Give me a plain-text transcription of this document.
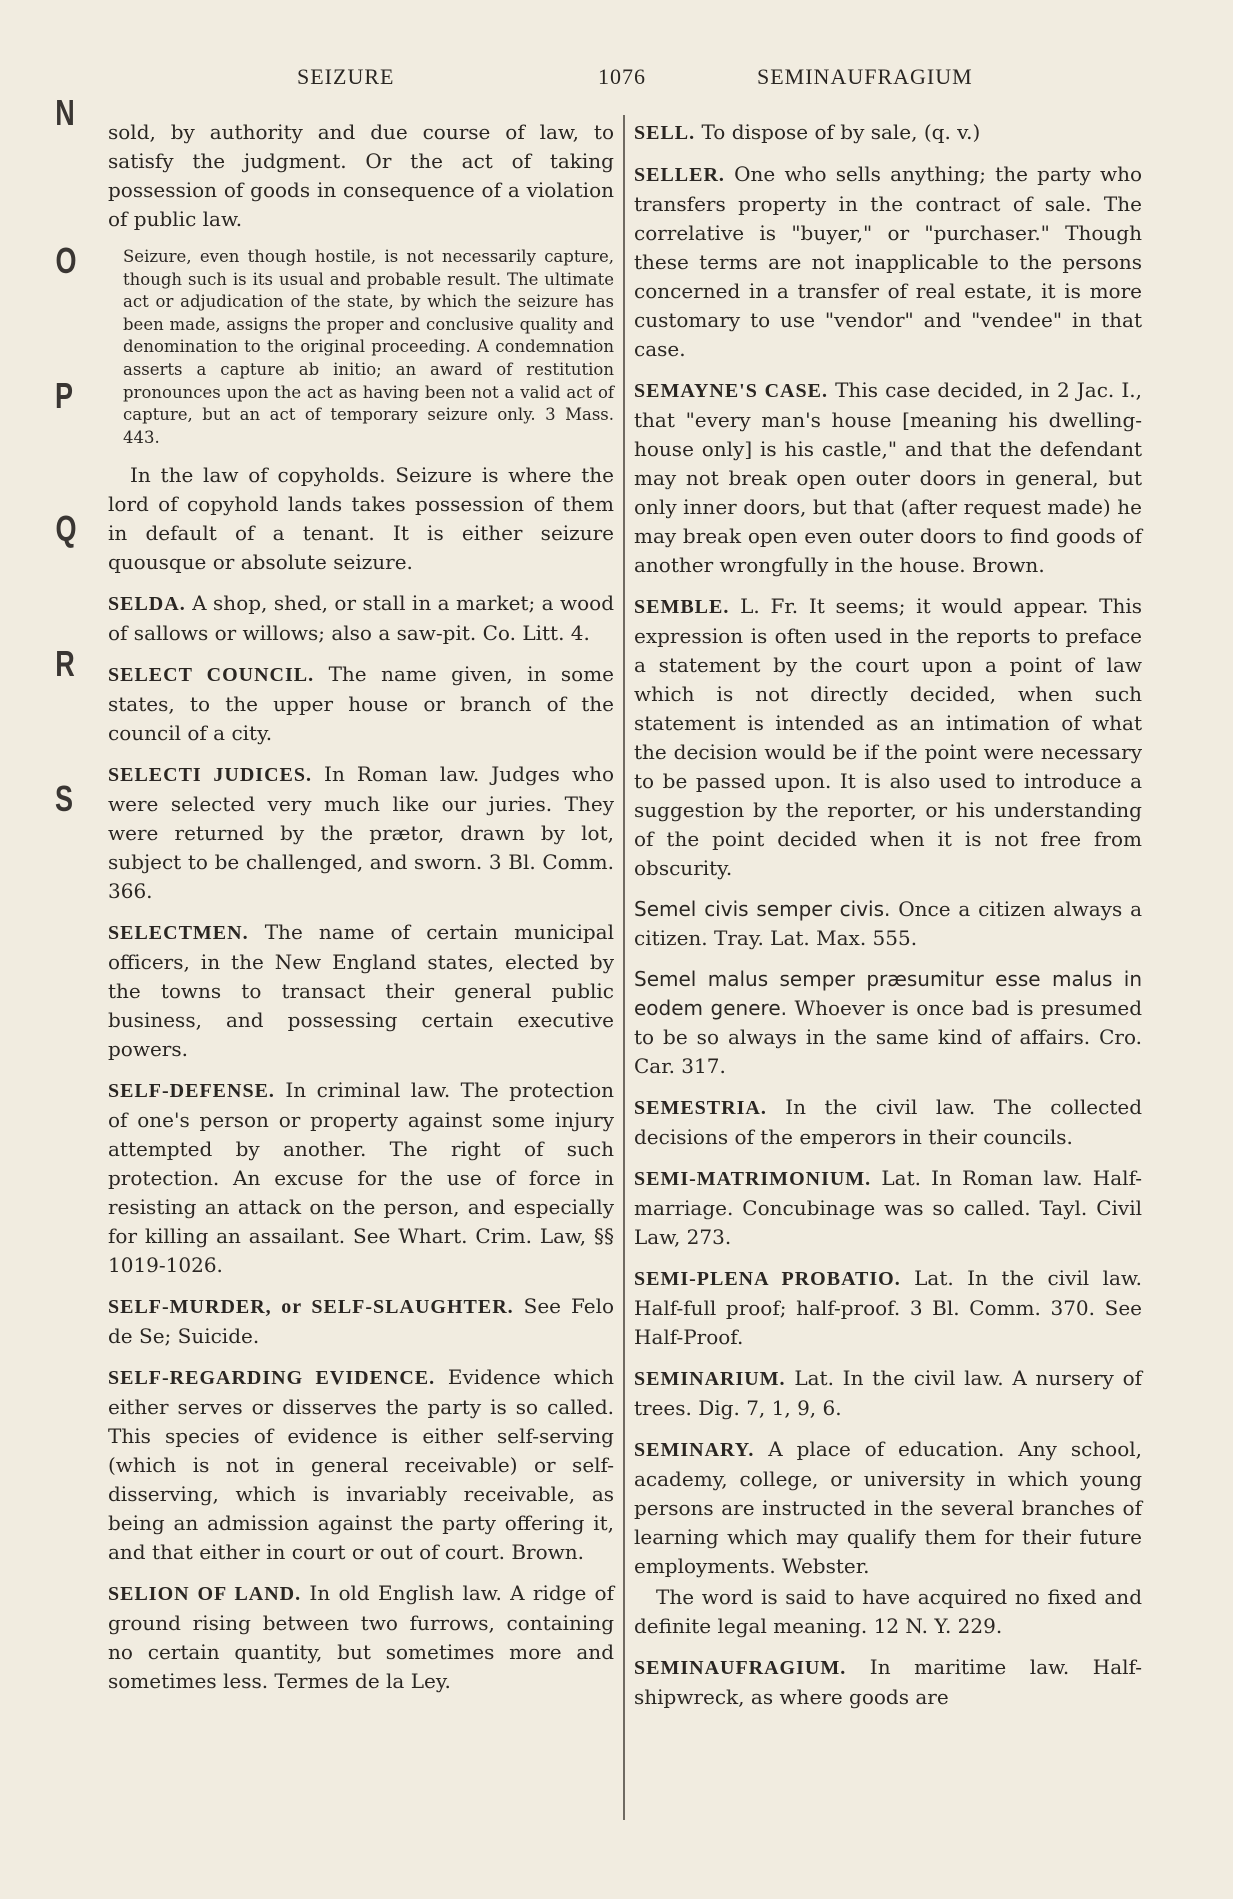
SEIZURE	1076	SEMINAUFRAGIUM
N
O
P
Q
R
S

sold, by authority and due course of law, to satisfy the judgment. Or the act of taking possession of goods in consequence of a violation of public law.

Seizure, even though hostile, is not necessarily capture, though such is its usual and probable result. The ultimate act or adjudication of the state, by which the seizure has been made, assigns the proper and conclusive quality and denomination to the original proceeding. A condemnation asserts a capture ab initio; an award of restitution pronounces upon the act as having been not a valid act of capture, but an act of temporary seizure only. 3 Mass. 443.

In the law of copyholds. Seizure is where the lord of copyhold lands takes possession of them in default of a tenant. It is either seizure quousque or absolute seizure.

SELDA. A shop, shed, or stall in a market; a wood of sallows or willows; also a saw-pit. Co. Litt. 4.

SELECT COUNCIL. The name given, in some states, to the upper house or branch of the council of a city.

SELECTI JUDICES. In Roman law. Judges who were selected very much like our juries. They were returned by the prætor, drawn by lot, subject to be challenged, and sworn. 3 Bl. Comm. 366.

SELECTMEN. The name of certain municipal officers, in the New England states, elected by the towns to transact their general public business, and possessing certain executive powers.

SELF-DEFENSE. In criminal law. The protection of one's person or property against some injury attempted by another. The right of such protection. An excuse for the use of force in resisting an attack on the person, and especially for killing an assailant. See Whart. Crim. Law, §§ 1019-1026.

SELF-MURDER, or SELF-SLAUGHTER. See Felo de Se; Suicide.

SELF-REGARDING EVIDENCE. Evidence which either serves or disserves the party is so called. This species of evidence is either self-serving (which is not in general receivable) or self-disserving, which is invariably receivable, as being an admission against the party offering it, and that either in court or out of court. Brown.

SELION OF LAND. In old English law. A ridge of ground rising between two furrows, containing no certain quantity, but sometimes more and sometimes less. Termes de la Ley.

SELL. To dispose of by sale, (q. v.)

SELLER. One who sells anything; the party who transfers property in the contract of sale. The correlative is "buyer," or "purchaser." Though these terms are not inapplicable to the persons concerned in a transfer of real estate, it is more customary to use "vendor" and "vendee" in that case.

SEMAYNE'S CASE. This case decided, in 2 Jac. I., that "every man's house [meaning his dwelling-house only] is his castle," and that the defendant may not break open outer doors in general, but only inner doors, but that (after request made) he may break open even outer doors to find goods of another wrongfully in the house. Brown.

SEMBLE. L. Fr. It seems; it would appear. This expression is often used in the reports to preface a statement by the court upon a point of law which is not directly decided, when such statement is intended as an intimation of what the decision would be if the point were necessary to be passed upon. It is also used to introduce a suggestion by the reporter, or his understanding of the point decided when it is not free from obscurity.

Semel civis semper civis. Once a citizen always a citizen. Tray. Lat. Max. 555.

Semel malus semper præsumitur esse malus in eodem genere. Whoever is once bad is presumed to be so always in the same kind of affairs. Cro. Car. 317.

SEMESTRIA. In the civil law. The collected decisions of the emperors in their councils.

SEMI-MATRIMONIUM. Lat. In Roman law. Half-marriage. Concubinage was so called. Tayl. Civil Law, 273.

SEMI-PLENA PROBATIO. Lat. In the civil law. Half-full proof; half-proof. 3 Bl. Comm. 370. See Half-Proof.

SEMINARIUM. Lat. In the civil law. A nursery of trees. Dig. 7, 1, 9, 6.

SEMINARY. A place of education. Any school, academy, college, or university in which young persons are instructed in the several branches of learning which may qualify them for their future employments. Webster.

The word is said to have acquired no fixed and definite legal meaning. 12 N. Y. 229.

SEMINAUFRAGIUM. In maritime law. Half-shipwreck, as where goods are
